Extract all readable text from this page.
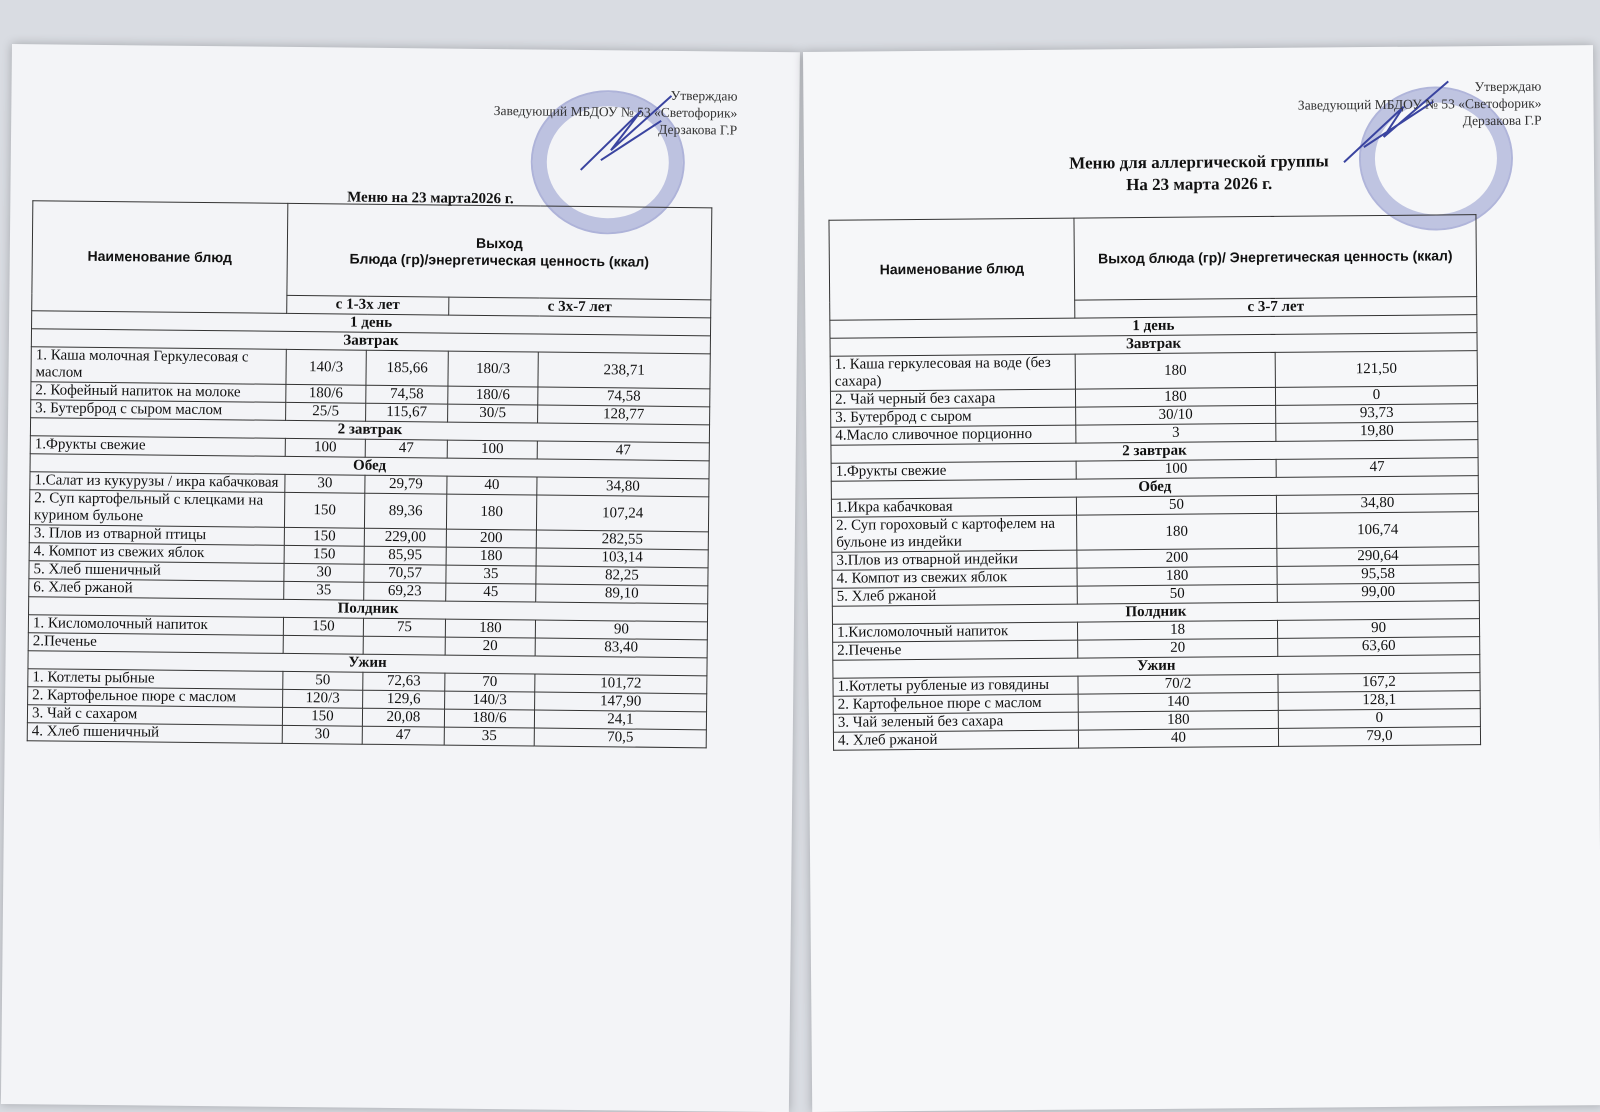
Утверждаю
Заведующий МБДОУ № 53 «Светофорик»
Дерзакова Г.Р
Меню на 23 марта2026 г.
Наименование блюд	Выход
Блюда (гр)/энергетическая ценность (ккал)			

	с 1-3х лет		с 3х-7 лет	
1 день				
Завтрак				
1. Каша молочная Геркулесовая с маслом	140/3	185,66	180/3	238,71
2. Кофейный напиток на молоке	180/6	74,58	180/6	74,58
3. Бутерброд с сыром маслом	25/5	115,67	30/5	128,77
2 завтрак				
1.Фрукты свежие	100	47	100	47
Обед				
1.Салат из кукурузы / икра кабачковая	30	29,79	40	34,80
2. Суп картофельный с клецками на курином бульоне	150	89,36	180	107,24
3. Плов из отварной птицы	150	229,00	200	282,55
4. Компот из свежих яблок	150	85,95	180	103,14
5. Хлеб пшеничный	30	70,57	35	82,25
6. Хлеб ржаной	35	69,23	45	89,10
Полдник				
1. Кисломолочный напиток	150	75	180	90
2.Печенье			20	83,40
Ужин				
1. Котлеты рыбные	50	72,63	70	101,72
2. Картофельное пюре с маслом	120/3	129,6	140/3	147,90
3. Чай с сахаром	150	20,08	180/6	24,1
4. Хлеб пшеничный	30	47	35	70,5
Утверждаю
Заведующий МБДОУ № 53 «Светофорик»
Дерзакова Г.Р
Меню для аллергической группы
На 23 марта 2026 г.
Наименование блюд	Выход блюда (гр)/ Энергетическая ценность (ккал)	
	с 3-7 лет	
1 день		
Завтрак		
1. Каша геркулесовая на воде (без сахара)	180	121,50
2. Чай черный без сахара	180	0
3. Бутерброд с сыром	30/10	93,73
4.Масло сливочное порционно	3	19,80
2 завтрак		
1.Фрукты свежие	100	47
Обед		
1.Икра кабачковая	50	34,80
2. Суп гороховый с картофелем на бульоне из индейки	180	106,74
3.Плов из отварной индейки	200	290,64
4. Компот из свежих яблок	180	95,58
5. Хлеб ржаной	50	99,00
Полдник		
1.Кисломолочный напиток	18	90
2.Печенье	20	63,60
Ужин		
1.Котлеты рубленые из говядины	70/2	167,2
2. Картофельное пюре с маслом	140	128,1
3. Чай зеленый без сахара	180	0
4. Хлеб ржаной	40	79,0
